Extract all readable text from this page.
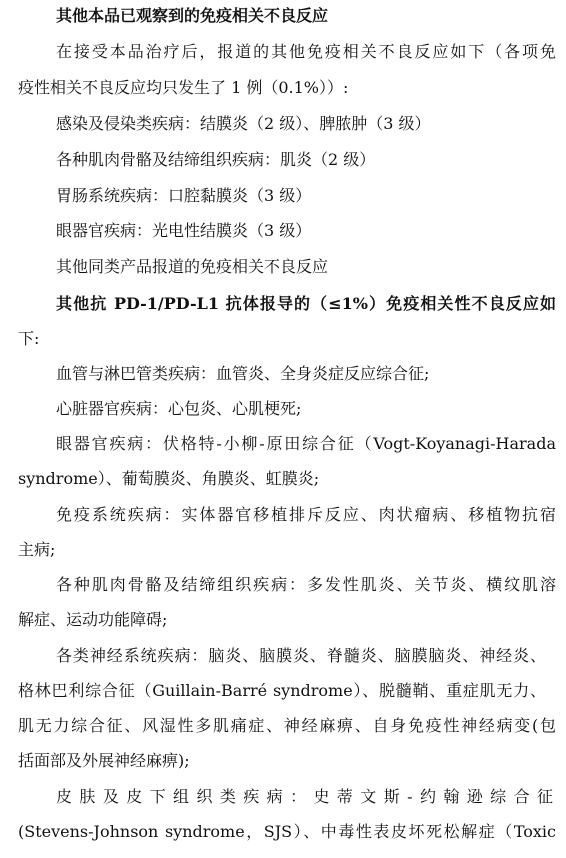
其他本品已观察到的免疫相关不良反应
在接受本品治疗后，报道的其他免疫相关不良反应如下（各项免
疫性相关不良反应均只发生了 1 例（0.1%））:
感染及侵染类疾病：结膜炎（2 级）、脾脓肿（3 级）
各种肌肉骨骼及结缔组织疾病：肌炎（2 级）
胃肠系统疾病：口腔黏膜炎（3 级）
眼器官疾病：光电性结膜炎（3 级）
其他同类产品报道的免疫相关不良反应
其他抗 PD-1/PD-L1 抗体报导的（≤1%）免疫相关性不良反应如
下:
血管与淋巴管类疾病：血管炎、全身炎症反应综合征;
心脏器官疾病：心包炎、心肌梗死;
眼器官疾病：伏格特-小柳-原田综合征（Vogt-Koyanagi-Harada
syndrome）、葡萄膜炎、角膜炎、虹膜炎;
免疫系统疾病：实体器官移植排斥反应、肉状瘤病、移植物抗宿
主病;
各种肌肉骨骼及结缔组织疾病：多发性肌炎、关节炎、横纹肌溶
解症、运动功能障碍;
各类神经系统疾病：脑炎、脑膜炎、脊髓炎、脑膜脑炎、神经炎、
格林巴利综合征（Guillain-Barré syndrome）、脱髓鞘、重症肌无力、
肌无力综合征、风湿性多肌痛症、神经麻痹、自身免疫性神经病变(包
括面部及外展神经麻痹);
皮肤及皮下组织类疾病：史蒂文斯-约翰逊综合征
(Stevens-Johnson syndrome，SJS）、中毒性表皮坏死松解症（Toxic
